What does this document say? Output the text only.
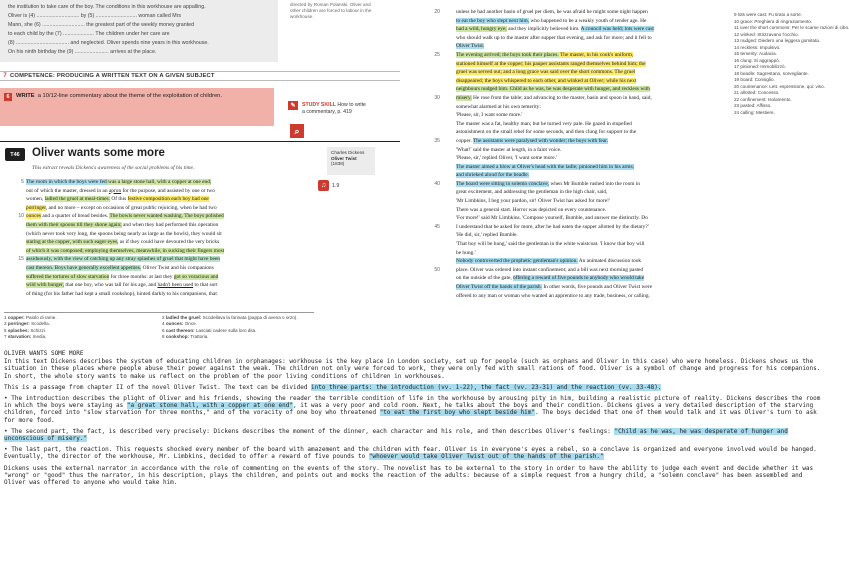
the institution to take care of the boy. The conditions in this workhouse are appalling.
Oliver is (4) ............................. by (5) ............................ woman called Mrs
Mann, she (6) ............................. the greatest part of the weekly money granted
to each child by the (7) ..................... The children under her care are
(8) .................................... and neglected. Oliver spends nine years in this workhouse.
On his ninth birthday the (9) ....................... arrives at the place.
directed by Roman Polanski. Oliver and other children are forced to labour in the workhouse.
7 COMPETENCE: PRODUCING A WRITTEN TEXT ON A GIVEN SUBJECT
6	WRITE a 10/12-line commentary about the theme of the exploitation of children.
✎	STUDY SKILL How to write
a commentary, p. 419
⌕
T46	Oliver wants some more
This extract reveals Dickens's awareness of the social problems of his time.
Charles Dickens
Oliver Twist
(1838)
♫	1.9
The room in which the boys were fed was a large stone hall, with a copper at one end;
out of which the master, dressed in an apron for the purpose, and assisted by one or two
women, ladled the gruel at meal-times. Of this festive composition each boy had one
porringer, and no more – except on occasions of great public rejoicing, when he had two
ounces and a quarter of bread besides. The bowls never wanted washing. The boys polished
them with their spoons till they shone again; and when they had performed this operation
(which never took very long, the spoons being nearly as large as the bowls), they would sit
staring at the copper, with such eager eyes, as if they could have devoured the very bricks
of which it was composed; employing themselves, meanwhile, in sucking their fingers most
assiduously, with the view of catching up any stray splashes of gruel that might have been
cast thereon. Boys have generally excellent appetites. Oliver Twist and his companions
suffered the tortures of slow starvation for three months: at last they got so voracious and
wild with hunger, that one boy, who was tall for his age, and hadn't been used to that sort
of thing (for his father had kept a small cookshop), hinted darkly to his companions, that
5
10
15
1 copper: Paiolo di rame.	2 ladled the gruel: Scodellava la farinata (pappa di avena o orzo).
3 porringer: Scodella.	4 ounces: Once.
5 splashes: Schizzi.	6 cast thereon: Lasciati cadere sulla loro dita.
7 starvation: Inedia.	8 cookshop: Trattoria.
20
25
30
35
40
45
50
unless he had another basin of gruel per diem, he was afraid he might some night happen
to eat the boy who slept next him, who happened to be a weakly youth of tender age. He
had a wild, hungry eye; and they implicitly believed him. A council was held; lots were cast
who should walk up to the master after supper that evening, and ask for more; and it fell to
Oliver Twist.
The evening arrived; the boys took their places. The master, in his cook's uniform,
stationed himself at the copper; his pauper assistants ranged themselves behind him; the
gruel was served out; and a long grace was said over the short commons. The gruel
disappeared; the boys whispered to each other, and winked at Oliver; while his next
neighbours nudged him. Child as he was, he was desperate with hunger, and reckless with
misery. He rose from the table; and advancing to the master, basin and spoon in hand, said,
somewhat alarmed at his own temerity:
'Please, sir, I want some more.'
The master was a fat, healthy man; but he turned very pale. He gazed in stupefied
astonishment on the small rebel for some seconds, and then clung for support to the
copper. The assistants were paralysed with wonder; the boys with fear.
'What!' said the master at length, in a faint voice.
'Please, sir,' replied Oliver, 'I want some more.'
The master aimed a blow at Oliver's head with the ladle; pinioned him in his arms;
and shrieked aloud for the beadle.
The board were sitting in solemn conclave, when Mr Bumble rushed into the room in
great excitement, and addressing the gentleman in the high chair, said,
'Mr Limbkins, I beg your pardon, sir! Oliver Twist has asked for more!'
There was a general start. Horror was depicted on every countenance.
'For more!' said Mr Limbkins. 'Compose yourself, Bumble, and answer me distinctly. Do
I understand that he asked for more, after he had eaten the supper allotted by the dietary?'
'He did, sir,' replied Bumble.
'That boy will be hung,' said the gentleman in the white waistcoat. 'I know that boy will
be hung.'
Nobody controverted the prophetic gentleman's opinion. An animated discussion took
place. Oliver was ordered into instant confinement; and a bill was next morning pasted
on the outside of the gate, offering a reward of five pounds to anybody who would take
Oliver Twist off the hands of the parish. In other words, five pounds and Oliver Twist were
offered to any man or woman who wanted an apprentice to any trade, business, or calling.
9 lots were cast: Fu tirato a sorte.
10 grace: Preghiera di ringraziamento.
11 over the short commons: Per le scarse razioni di cibo.
12 winked: Strizzavano l'occhio.
13 nudged: Diedero una leggera gomitata.
14 reckless: Impulsivo.
15 temerity: Audacia.
16 clung: Si aggrappò.
17 pinioned: Immobilizzò.
18 beadle: Sagrestano, sorvegliante.
19 board: Consiglio.
20 countenance: Lett. espressione, qui: viso.
21 allotted: Concesso.
22 confinement: Isolamento.
23 pasted: Affisso.
24 calling: Mestiere.

OLIVER WANTS SOME MORE

In this text Dickens describes the system of educating children in orphanages: workhouse is the key place in London society, set up for people (such as orphans and Oliver in this case) who were homeless. Dickens shows us the situation in these places where people abuse their power against the weak. The children not only were forced to work, they were only fed with small rations of food. Oliver is a symbol of change and progress for his companions. In short, the whole story wants to make us reflect on the problem of the poor living conditions of children in workhouses.

This is a passage from chapter II of the novel Oliver Twist. The text can be divided into three parts: the introduction (vv. 1-22), the fact (vv. 23-31) and the reaction (vv. 33-48).

• The introduction describes the plight of Oliver and his friends, showing the reader the terrible condition of life in the workhouse by arousing pity in him, building a realistic picture of reality. Dickens describes the room in which the boys were staying as "a great stone hall, with a copper at one end", it was a very poor and cold room. Next, he talks about the boys and their condition. Dickens gives a very detailed description of the starving children, forced into "slow starvation for three months," and of the voracity of one boy who threatened "to eat the first boy who slept beside him". The boys decided that one of them would talk and it was Oliver's turn to ask for more food.

• The second part, the fact, is described very precisely: Dickens describes the moment of the dinner, each character and his role, and then describes Oliver's feelings: "Child as he was, he was desperate of hunger and unconscious of misery."

• The last part, the reaction. This requests shocked every member of the board with amazement and the children with fear. Oliver is in everyone's eyes a rebel, so a conclave is organized and everyone involved would be hanged. Eventually, the director of the workhouse, Mr. Limbkins, decided to offer a reward of five pounds to "whoever would take Oliver Twist out of the hands of the parish."

Dickens uses the external narrator in accordance with the role of commenting on the events of the story. The novelist has to be external to the story in order to have the ability to judge each event and decide whether it was "wrong" or "good" thus the narrator, in his description, plays the children, and points out and mocks the reaction of the adults: because of a simple request from a hungry child, a "solemn conclave" has been assembled and Oliver was offered to anyone who would take him.
